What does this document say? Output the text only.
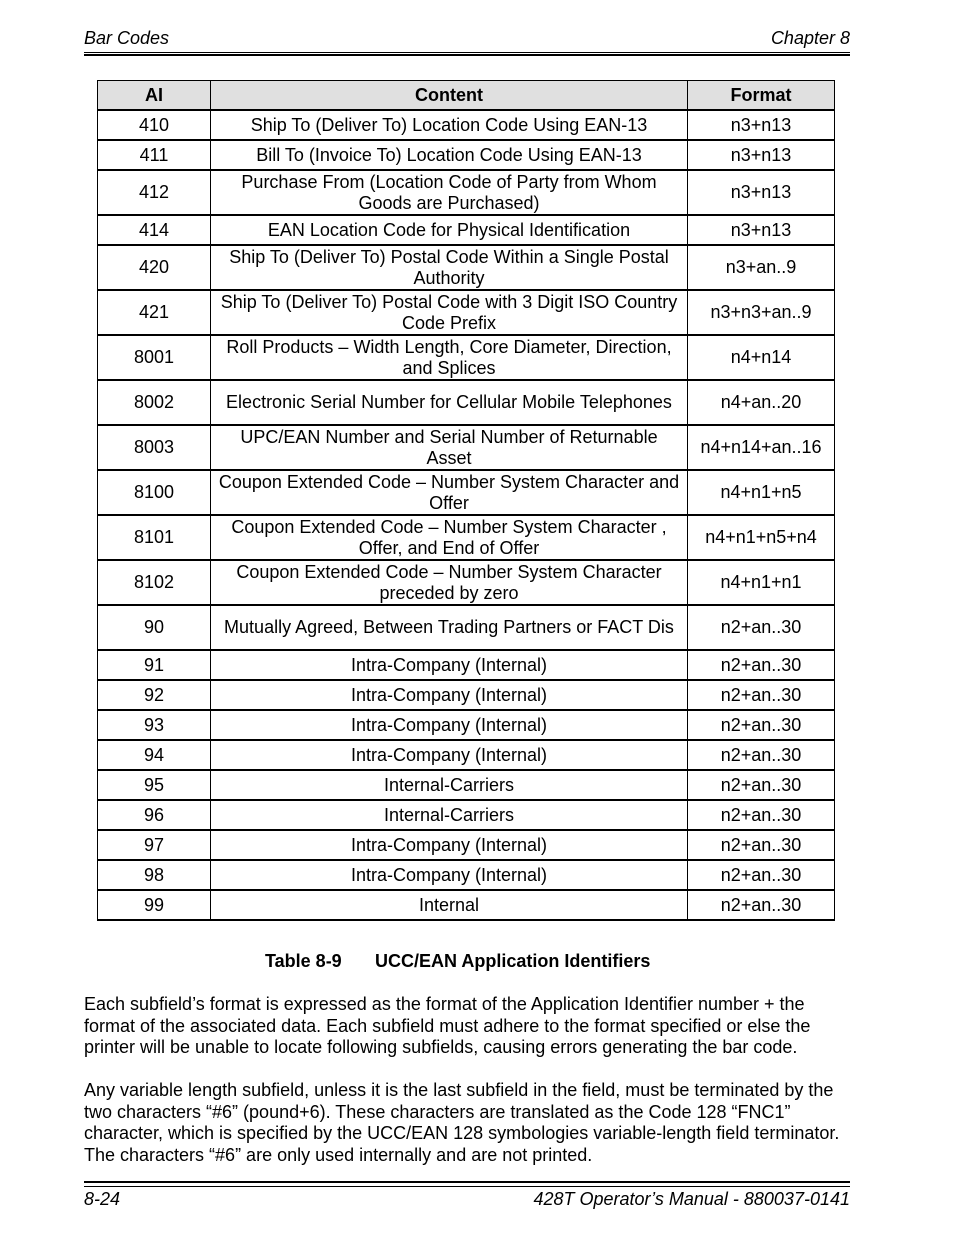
Bar Codes	Chapter 8
AI	Content	Format
410	Ship To (Deliver To) Location Code Using EAN-13	n3+n13
411	Bill To (Invoice To) Location Code Using EAN-13	n3+n13
412	Purchase From (Location Code of Party from Whom Goods are Purchased)	n3+n13
414	EAN Location Code for Physical Identification	n3+n13
420	Ship To (Deliver To) Postal Code Within a Single Postal Authority	n3+an..9
421	Ship To (Deliver To) Postal Code with 3 Digit ISO Country Code Prefix	n3+n3+an..9
8001	Roll Products – Width Length, Core Diameter, Direction, and Splices	n4+n14
8002	Electronic Serial Number for Cellular Mobile Telephones	n4+an..20
8003	UPC/EAN Number and Serial Number of Returnable Asset	n4+n14+an..16
8100	Coupon Extended Code – Number System Character and Offer	n4+n1+n5
8101	Coupon Extended Code – Number System Character , Offer, and End of Offer	n4+n1+n5+n4
8102	Coupon Extended Code – Number System Character preceded by zero	n4+n1+n1
90	Mutually Agreed, Between Trading Partners or FACT Dis	n2+an..30
91	Intra-Company (Internal)	n2+an..30
92	Intra-Company (Internal)	n2+an..30
93	Intra-Company (Internal)	n2+an..30
94	Intra-Company (Internal)	n2+an..30
95	Internal-Carriers	n2+an..30
96	Internal-Carriers	n2+an..30
97	Intra-Company (Internal)	n2+an..30
98	Intra-Company (Internal)	n2+an..30
99	Internal	n2+an..30
Table 8-9 UCC/EAN Application Identifiers
Each subfield’s format is expressed as the format of the Application Identifier number + the format of the associated data. Each subfield must adhere to the format specified or else the printer will be unable to locate following subfields, causing errors generating the bar code.
Any variable length subfield, unless it is the last subfield in the field, must be terminated by the two characters “#6” (pound+6). These characters are translated as the Code 128 “FNC1” character, which is specified by the UCC/EAN 128 symbologies variable-length field terminator. The characters “#6” are only used internally and are not printed.
8-24	428T Operator’s Manual - 880037-0141
